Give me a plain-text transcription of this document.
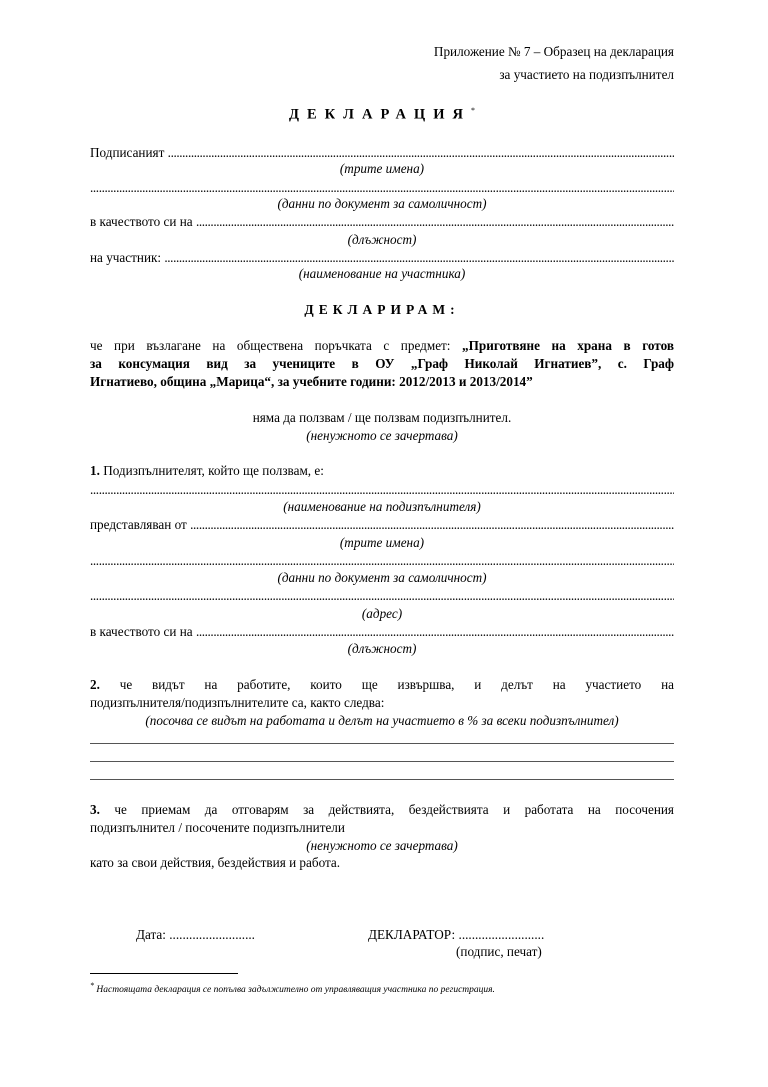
Приложение № 7 – Образец на декларация
за участието на подизпълнител
ДЕКЛАРАЦИЯ*
Подписаният

.....
(трите имена)
.....
(данни по документ за самоличност)
в качеството си на

.....
(длъжност)
на участник:

.....
(наименование на участника)
ДЕКЛАРИРАМ:
че при възлагане на обществена поръчката с предмет: „Приготвяне на храна в готов
за консумация вид за учениците в ОУ „Граф Николай Игнатиев”, с. Граф
Игнатиево, община „Марица“, за учебните години: 2012/2013 и 2013/2014”
няма да ползвам / ще ползвам подизпълнител.
(ненужното се зачертава)
1. Подизпълнителят, който ще ползвам, е:
.....
(наименование на подизпълнителя)
представляван от

.....
(трите имена)
.....
(данни по документ за самоличност)
.....
(адрес)
в качеството си на

.....
(длъжност)
2. че видът на работите, които ще извършва, и делът на участието на
подизпълнителя/подизпълнителите са, както следва:
(посочва се видът на работата и делът на участието в % за всеки подизпълнител)
3. че приемам да отговарям за действията, бездействията и работата на посочения
подизпълнител / посочените подизпълнители
(ненужното се зачертава)
като за свои действия, бездействия и работа.
Дата: ..........................	ДЕКЛАРАТОР: ..........................
(подпис, печат)
* Настоящата декларация се попълва задължително от управляващия участника по регистрация.
